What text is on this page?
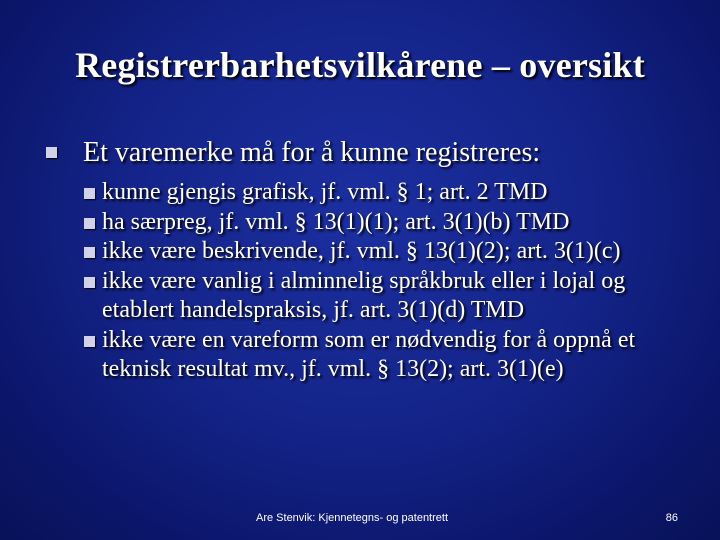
Registrerbarhetsvilkårene – oversikt
Et varemerke må for å kunne registreres:
kunne gjengis grafisk, jf. vml. § 1; art. 2 TMD
ha særpreg, jf. vml. § 13(1)(1); art. 3(1)(b) TMD
ikke være beskrivende, jf. vml. § 13(1)(2); art. 3(1)(c)
ikke være vanlig i alminnelig språkbruk eller i lojal og etablert handelspraksis, jf. art. 3(1)(d) TMD
ikke være en vareform som er nødvendig for å oppnå et teknisk resultat mv., jf. vml. § 13(2); art. 3(1)(e)
Are Stenvik: Kjennetegns- og patentrett	86
